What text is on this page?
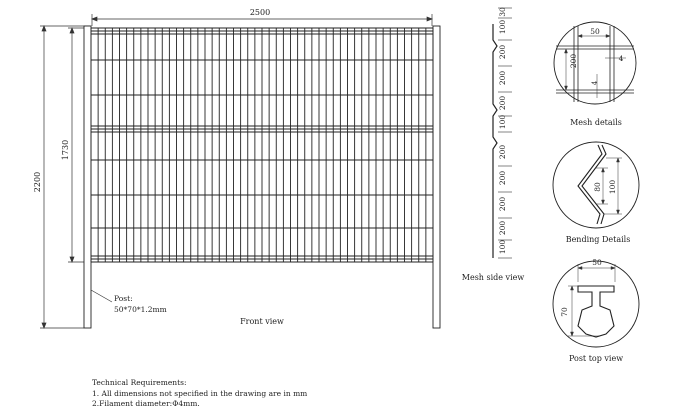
2500
2200
1730
Post:
50*70*1.2mm
Front view
30
100
200
200
200
100
200
200
200
200
100
Mesh side view
50
200	4
4
Mesh details
80 100
Bending Details
50
70
Post top view
Technical Requirements:
1. All dimensions not specified in the drawing are in mm
2.Filament diameter:Φ4mm.
